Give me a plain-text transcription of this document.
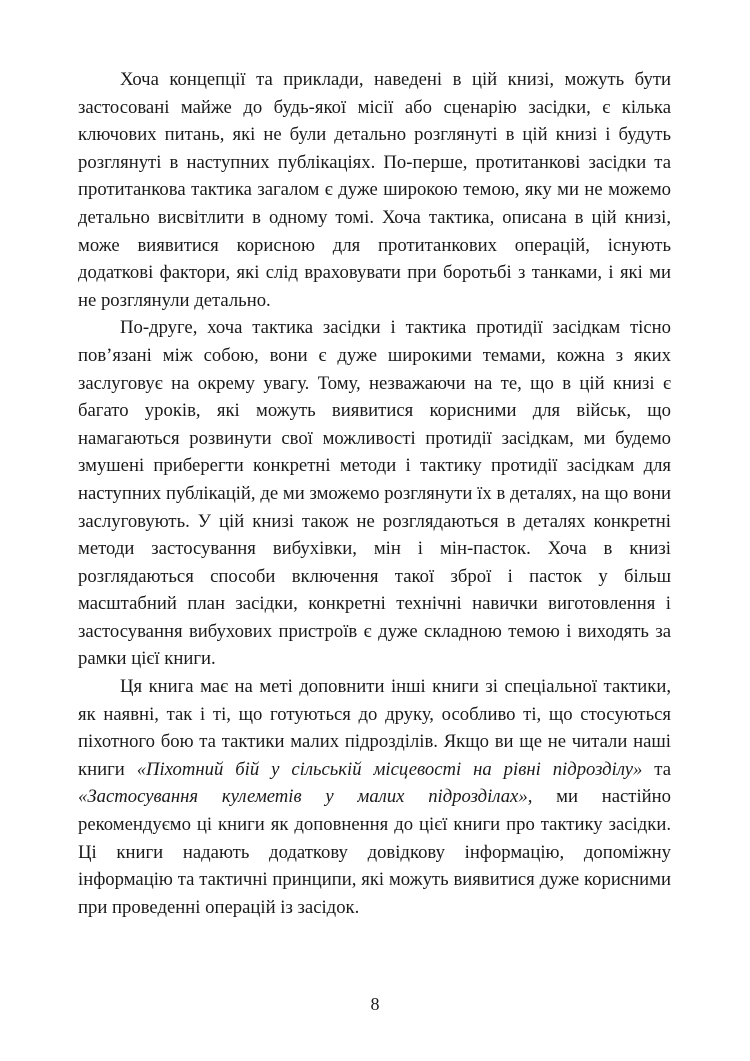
Хоча концепції та приклади, наведені в цій книзі, можуть бути застосовані майже до будь-якої місії або сценарію засідки, є кілька ключових питань, які не були детально розглянуті в цій книзі і будуть розглянуті в наступних публікаціях. По-перше, протитанкові засідки та протитанкова тактика загалом є дуже широкою темою, яку ми не можемо детально висвітлити в одному томі. Хоча тактика, описана в цій книзі, може виявитися корисною для протитанкових операцій, існують додаткові фактори, які слід враховувати при боротьбі з танками, і які ми не розглянули детально.

По-друге, хоча тактика засідки і тактика протидії засідкам тісно пов’язані між собою, вони є дуже широкими темами, кожна з яких заслуговує на окрему увагу. Тому, незважаючи на те, що в цій книзі є багато уроків, які можуть виявитися корисними для військ, що намагаються розвинути свої можливості протидії засідкам, ми будемо змушені приберегти конкретні методи і тактику протидії засідкам для наступних публікацій, де ми зможемо розглянути їх в деталях, на що вони заслуговують. У цій книзі також не розглядаються в деталях конкретні методи застосування вибухівки, мін і мін-пасток. Хоча в книзі розглядаються способи включення такої зброї і пасток у більш масштабний план засідки, конкретні технічні навички виготовлення і застосування вибухових пристроїв є дуже складною темою і виходять за рамки цієї книги.

Ця книга має на меті доповнити інші книги зі спеціальної тактики, як наявні, так і ті, що готуються до друку, особливо ті, що стосуються піхотного бою та тактики малих підрозділів. Якщо ви ще не читали наші книги «Піхотний бій у сільській місцевості на рівні підрозділу» та «Застосування кулеметів у малих підрозділах», ми настійно рекомендуємо ці книги як доповнення до цієї книги про тактику засідки. Ці книги надають додаткову довідкову інформацію, допоміжну інформацію та тактичні принципи, які можуть виявитися дуже корисними при проведенні операцій із засідок.

8
